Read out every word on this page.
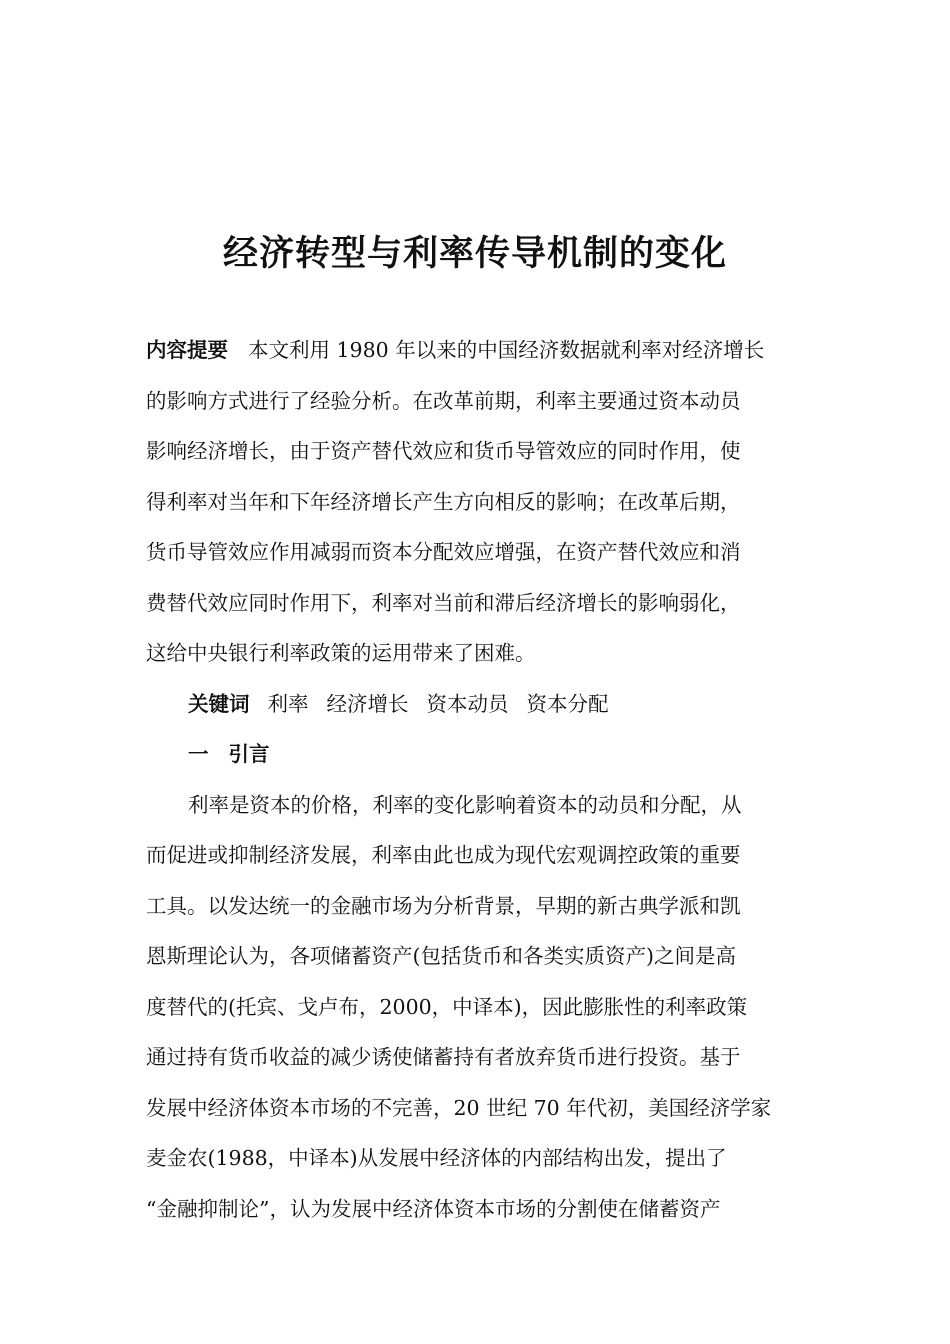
经济转型与利率传导机制的变化
内容提要 本文利用 1980 年以来的中国经济数据就利率对经济增长
的影响方式进行了经验分析。在改革前期，利率主要通过资本动员
影响经济增长，由于资产替代效应和货币导管效应的同时作用，使
得利率对当年和下年经济增长产生方向相反的影响；在改革后期，
货币导管效应作用减弱而资本分配效应增强，在资产替代效应和消
费替代效应同时作用下，利率对当前和滞后经济增长的影响弱化，
这给中央银行利率政策的运用带来了困难。
关键词 利率 经济增长 资本动员 资本分配
一 引言
利率是资本的价格，利率的变化影响着资本的动员和分配，从
而促进或抑制经济发展，利率由此也成为现代宏观调控政策的重要
工具。以发达统一的金融市场为分析背景，早期的新古典学派和凯
恩斯理论认为，各项储蓄资产(包括货币和各类实质资产)之间是高
度替代的(托宾、戈卢布，2000，中译本)，因此膨胀性的利率政策
通过持有货币收益的减少诱使储蓄持有者放弃货币进行投资。基于
发展中经济体资本市场的不完善，20 世纪 70 年代初，美国经济学家
麦金农(1988，中译本)从发展中经济体的内部结构出发，提出了
“金融抑制论”，认为发展中经济体资本市场的分割使在储蓄资产
